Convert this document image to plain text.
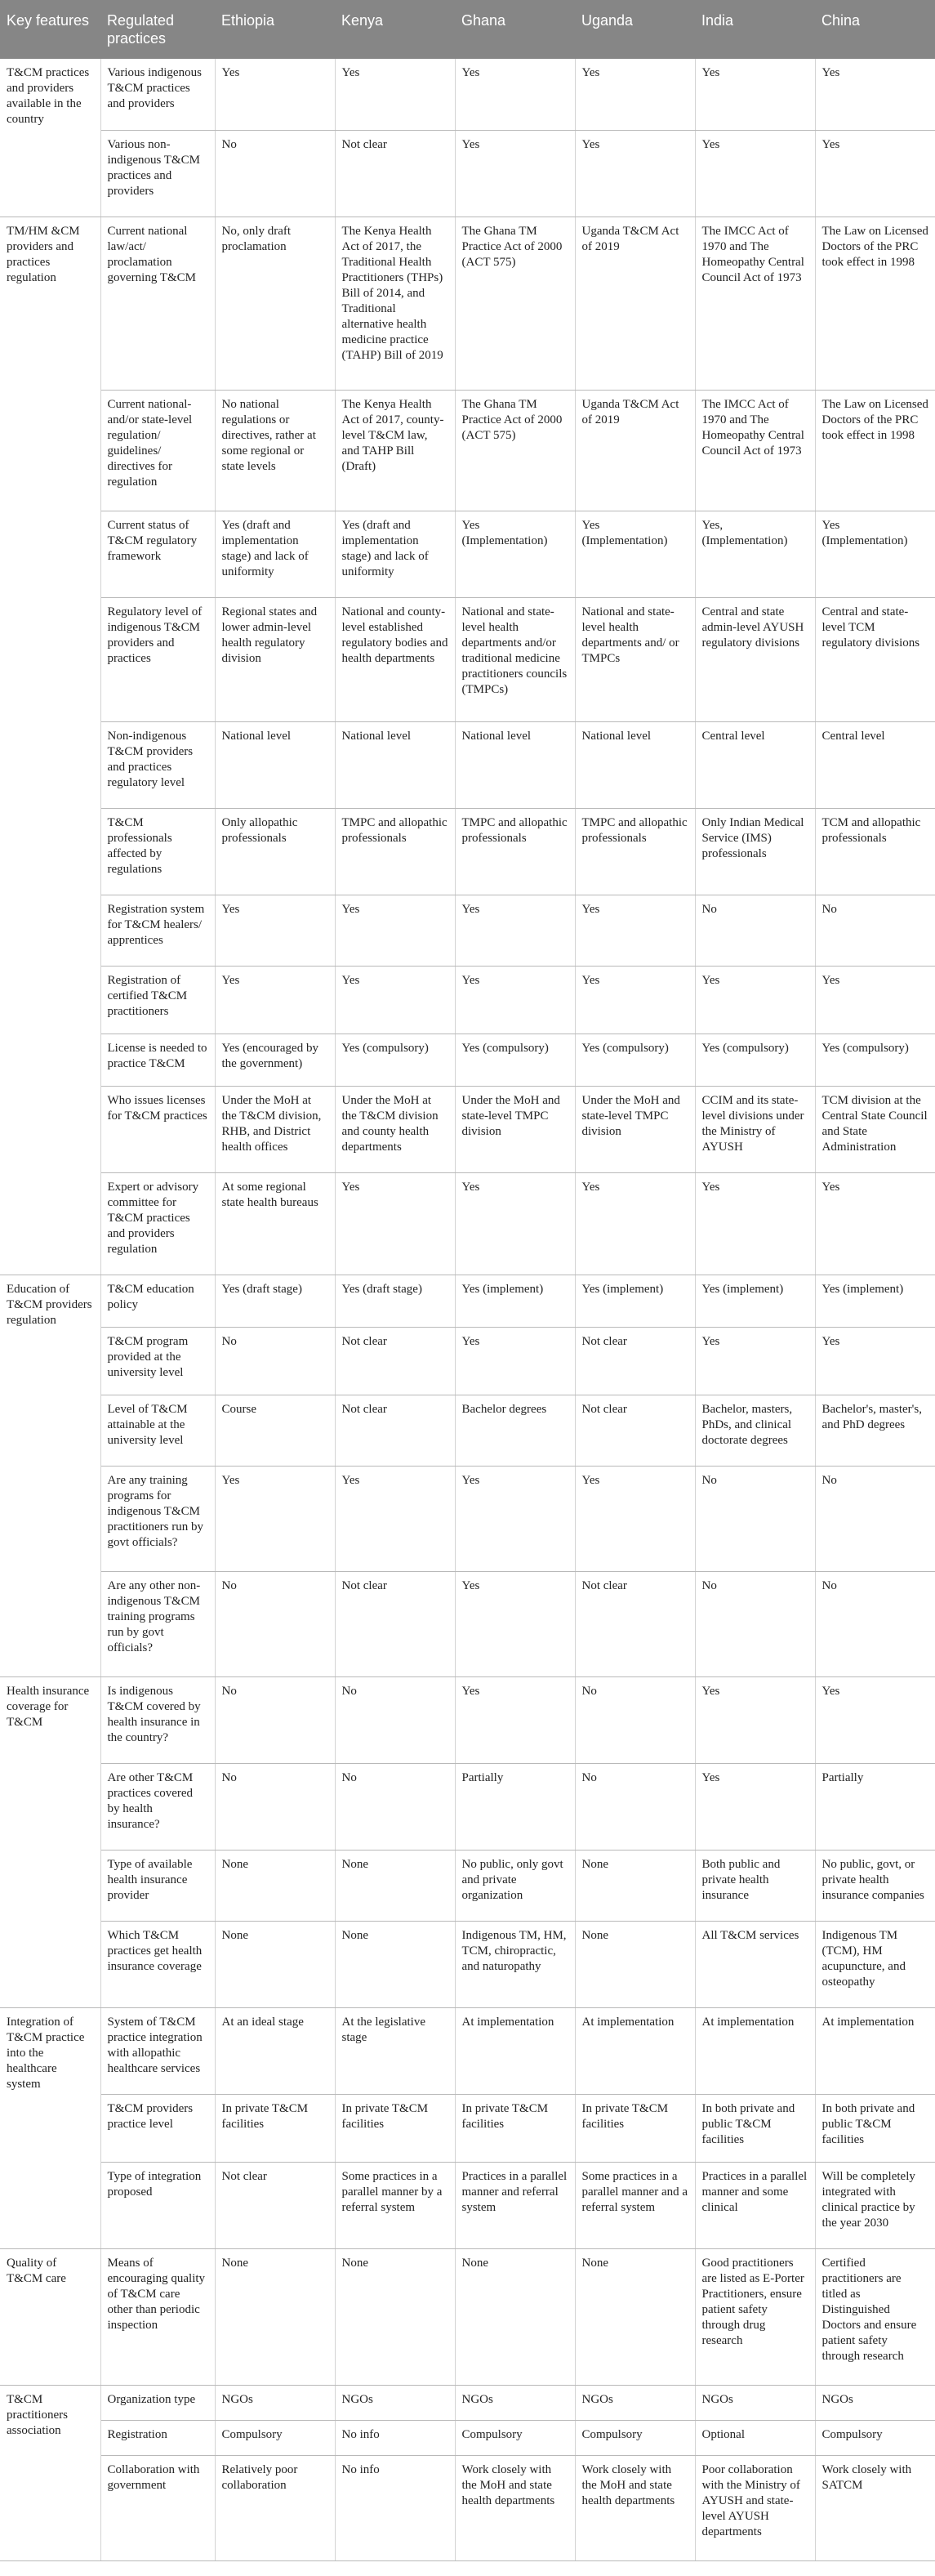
Key features	Regulated practices	Ethiopia	Kenya	Ghana	Uganda	India	China
T&CM practices and providers available in the country	Various indigenous T&CM practices and providers	Yes	Yes	Yes	Yes	Yes	Yes
	Various non-indigenous T&CM practices and providers	No	Not clear	Yes	Yes	Yes	Yes
TM/HM &CM providers and practices regulation	Current national law/act/ proclamation governing T&CM	No, only draft proclamation	The Kenya Health Act of 2017, the Traditional Health Practitioners (THPs) Bill of 2014, and Traditional alternative health medicine practice (TAHP) Bill of 2019	The Ghana TM Practice Act of 2000 (ACT 575)	Uganda T&CM Act of 2019	The IMCC Act of 1970 and The Homeopathy Central Council Act of 1973	The Law on Licensed Doctors of the PRC took effect in 1998
	Current national- and/or state-level regulation/ guidelines/ directives for regulation	No national regulations or directives, rather at some regional or state levels	The Kenya Health Act of 2017, county-level T&CM law, and TAHP Bill (Draft)	The Ghana TM Practice Act of 2000 (ACT 575)	Uganda T&CM Act of 2019	The IMCC Act of 1970 and The Homeopathy Central Council Act of 1973	The Law on Licensed Doctors of the PRC took effect in 1998
	Current status of T&CM regulatory framework	Yes (draft and implementation stage) and lack of uniformity	Yes (draft and implementation stage) and lack of uniformity	Yes (Implementation)	Yes (Implementation)	Yes, (Implementation)	Yes (Implementation)
	Regulatory level of indigenous T&CM providers and practices	Regional states and lower admin-level health regulatory division	National and county-level established regulatory bodies and health departments	National and state-level health departments and/or traditional medicine practitioners councils (TMPCs)	National and state-level health departments and/ or TMPCs	Central and state admin-level AYUSH regulatory divisions	Central and state-level TCM regulatory divisions
	Non-indigenous T&CM providers and practices regulatory level	National level	National level	National level	National level	Central level	Central level
	T&CM professionals affected by regulations	Only allopathic professionals	TMPC and allopathic professionals	TMPC and allopathic professionals	TMPC and allopathic professionals	Only Indian Medical Service (IMS) professionals	TCM and allopathic professionals
	Registration system for T&CM healers/ apprentices	Yes	Yes	Yes	Yes	No	No
	Registration of certified T&CM practitioners	Yes	Yes	Yes	Yes	Yes	Yes
	License is needed to practice T&CM	Yes (encouraged by the government)	Yes (compulsory)	Yes (compulsory)	Yes (compulsory)	Yes (compulsory)	Yes (compulsory)
	Who issues licenses for T&CM practices	Under the MoH at the T&CM division, RHB, and District health offices	Under the MoH at the T&CM division and county health departments	Under the MoH and state-level TMPC division	Under the MoH and state-level TMPC division	CCIM and its state-level divisions under the Ministry of AYUSH	TCM division at the Central State Council and State Administration
	Expert or advisory committee for T&CM practices and providers regulation	At some regional state health bureaus	Yes	Yes	Yes	Yes	Yes
Education of T&CM providers regulation	T&CM education policy	Yes (draft stage)	Yes (draft stage)	Yes (implement)	Yes (implement)	Yes (implement)	Yes (implement)
	T&CM program provided at the university level	No	Not clear	Yes	Not clear	Yes	Yes
	Level of T&CM attainable at the university level	Course	Not clear	Bachelor degrees	Not clear	Bachelor, masters, PhDs, and clinical doctorate degrees	Bachelor's, master's, and PhD degrees
	Are any training programs for indigenous T&CM practitioners run by govt officials?	Yes	Yes	Yes	Yes	No	No
	Are any other non-indigenous T&CM training programs run by govt officials?	No	Not clear	Yes	Not clear	No	No
Health insurance coverage for T&CM	Is indigenous T&CM covered by health insurance in the country?	No	No	Yes	No	Yes	Yes
	Are other T&CM practices covered by health insurance?	No	No	Partially	No	Yes	Partially
	Type of available health insurance provider	None	None	No public, only govt and private organization	None	Both public and private health insurance	No public, govt, or private health insurance companies
	Which T&CM practices get health insurance coverage	None	None	Indigenous TM, HM, TCM, chiropractic, and naturopathy	None	All T&CM services	Indigenous TM (TCM), HM acupuncture, and osteopathy
Integration of T&CM practice into the healthcare system	System of T&CM practice integration with allopathic healthcare services	At an ideal stage	At the legislative stage	At implementation	At implementation	At implementation	At implementation
	T&CM providers practice level	In private T&CM facilities	In private T&CM facilities	In private T&CM facilities	In private T&CM facilities	In both private and public T&CM facilities	In both private and public T&CM facilities
	Type of integration proposed	Not clear	Some practices in a parallel manner by a referral system	Practices in a parallel manner and referral system	Some practices in a parallel manner and a referral system	Practices in a parallel manner and some clinical	Will be completely integrated with clinical practice by the year 2030
Quality of T&CM care	Means of encouraging quality of T&CM care other than periodic inspection	None	None	None	None	Good practitioners are listed as E-Porter Practitioners, ensure patient safety through drug research	Certified practitioners are titled as Distinguished Doctors and ensure patient safety through research
T&CM practitioners association	Organization type	NGOs	NGOs	NGOs	NGOs	NGOs	NGOs
	Registration	Compulsory	No info	Compulsory	Compulsory	Optional	Compulsory
	Collaboration with government	Relatively poor collaboration	No info	Work closely with the MoH and state health departments	Work closely with the MoH and state health departments	Poor collaboration with the Ministry of AYUSH and state-level AYUSH departments	Work closely with SATCM
